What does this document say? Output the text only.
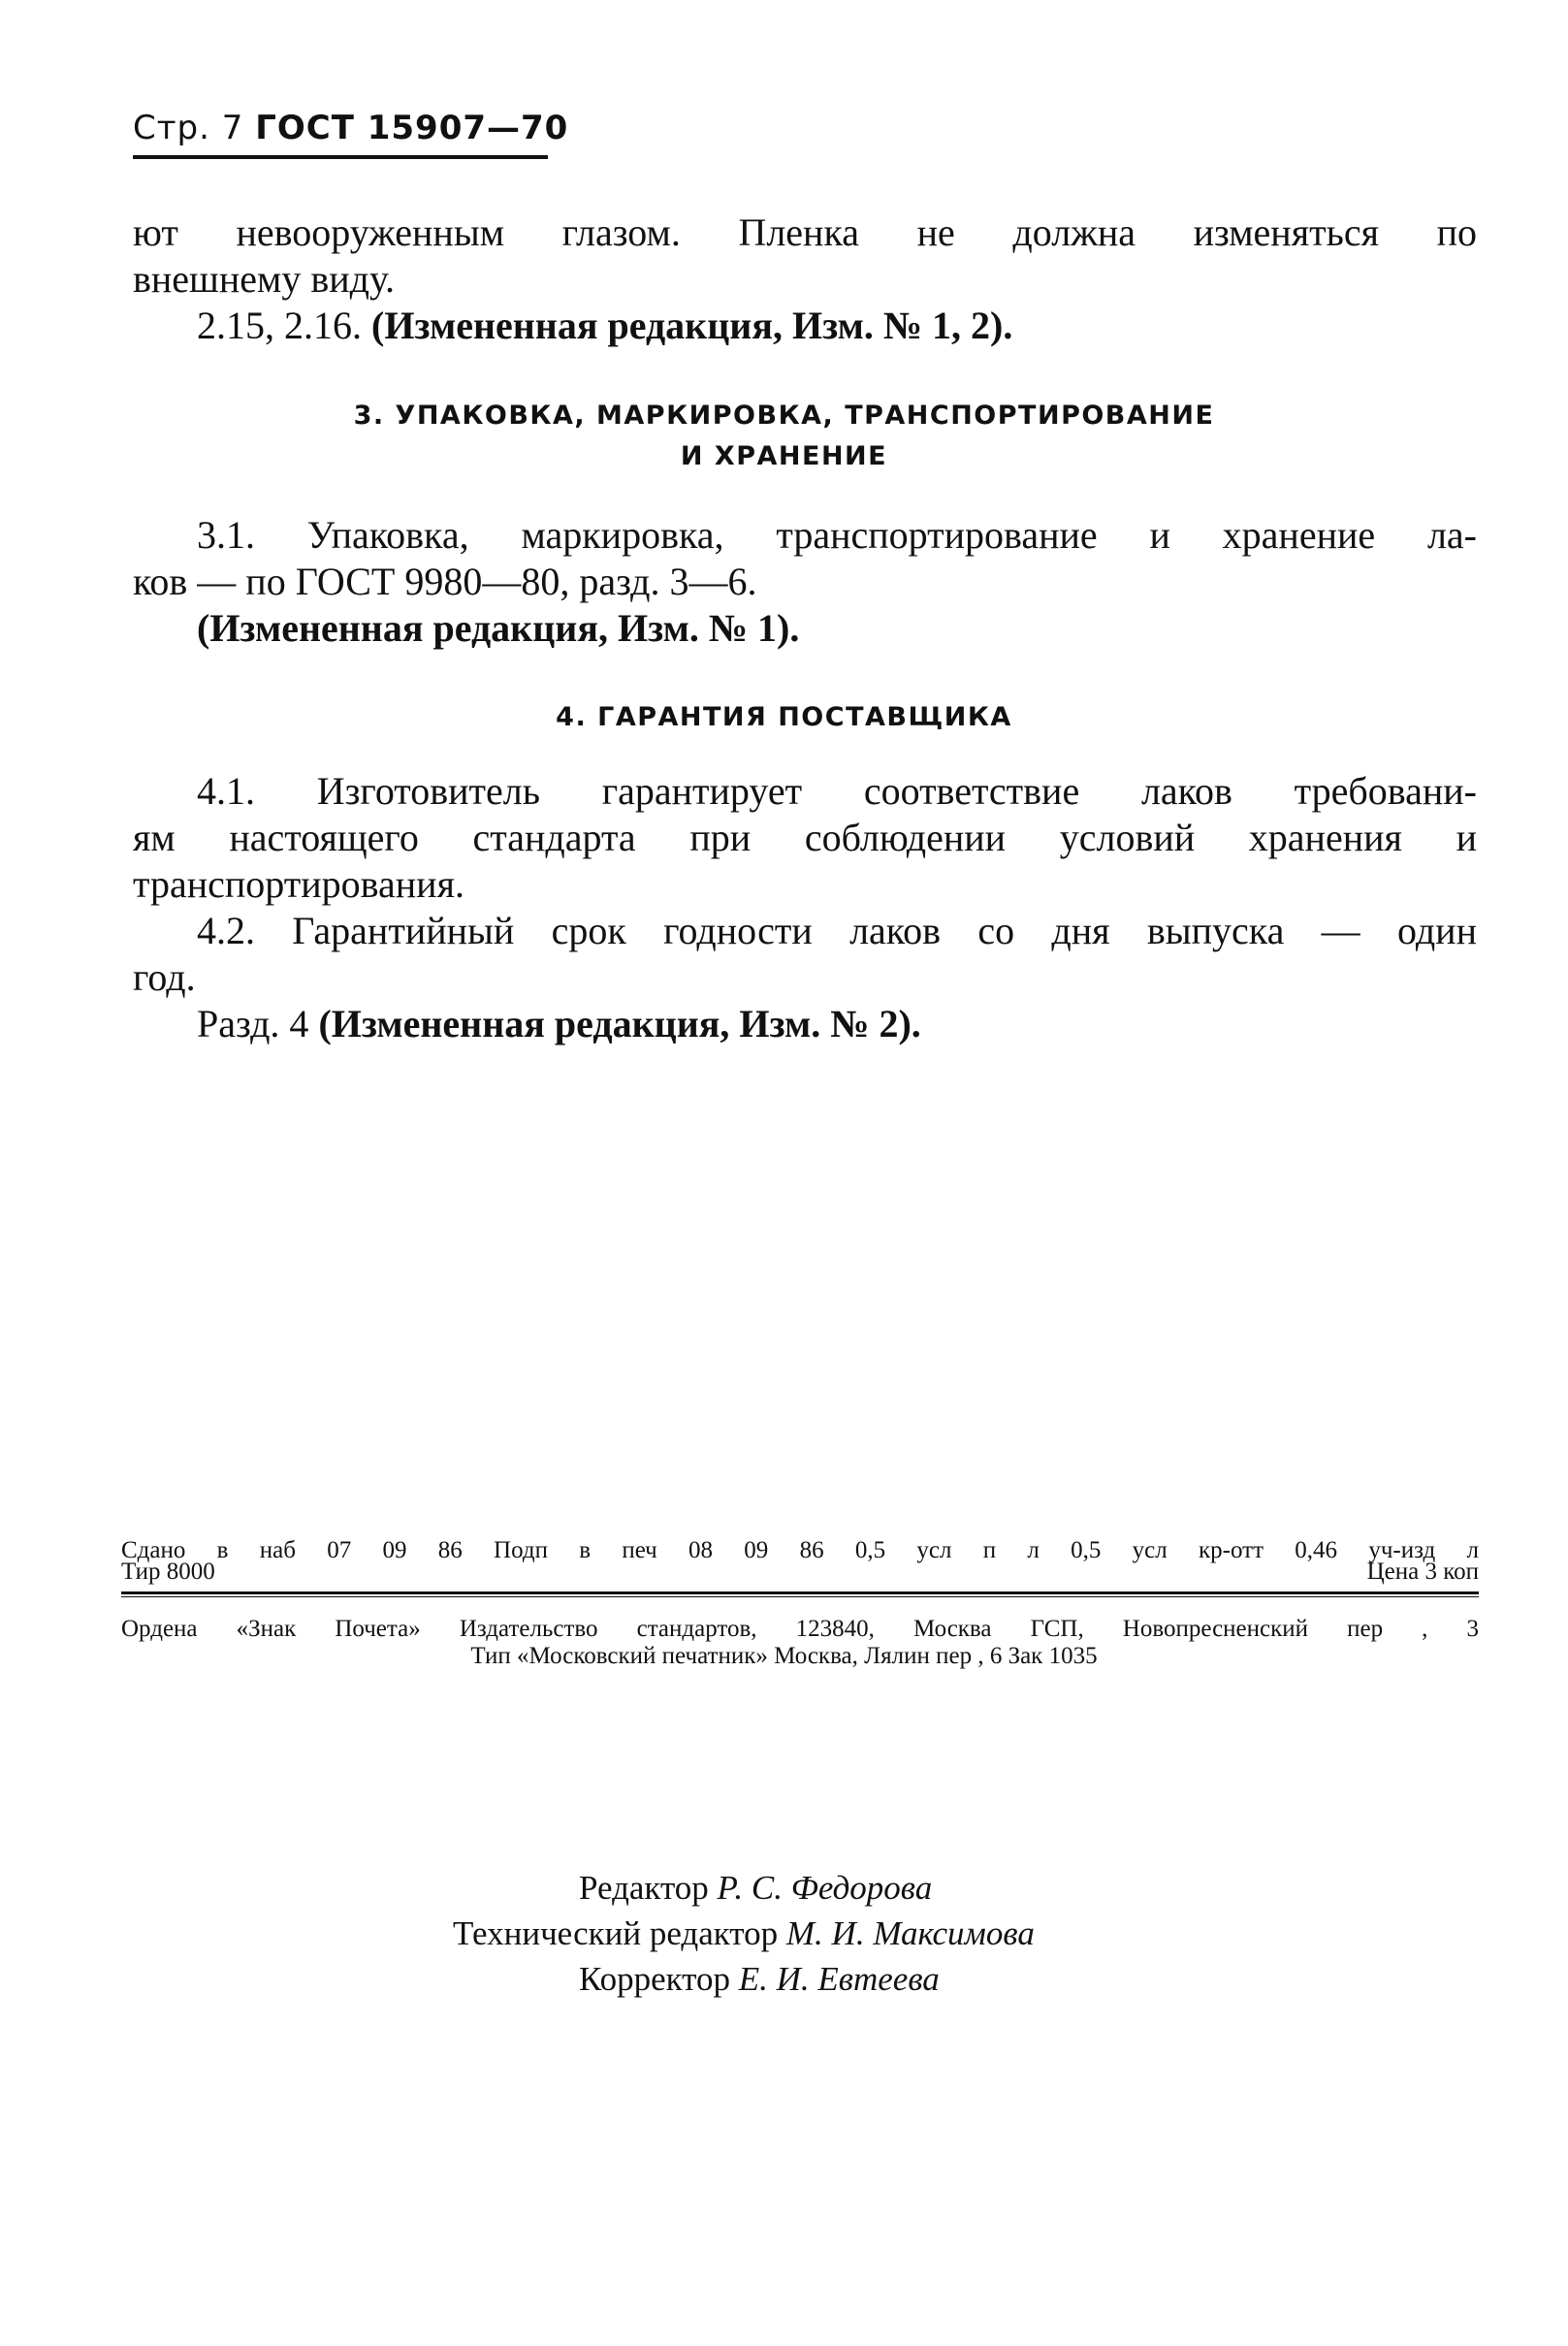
Стр. 7 ГОСТ 15907—70
ют невооруженным глазом. Пленка не должна изменяться по
внешнему виду.
2.15, 2.16. (Измененная редакция, Изм. № 1, 2).
3. УПАКОВКА, МАРКИРОВКА, ТРАНСПОРТИРОВАНИЕ
И ХРАНЕНИЕ
3.1. Упаковка, маркировка, транспортирование и хранение ла-
ков — по ГОСТ 9980—80, разд. 3—6.
(Измененная редакция, Изм. № 1).
4. ГАРАНТИЯ ПОСТАВЩИКА
4.1. Изготовитель гарантирует соответствие лаков требовани-
ям настоящего стандарта при соблюдении условий хранения и
транспортирования.
4.2. Гарантийный срок годности лаков со дня выпуска — один
год.
Разд. 4 (Измененная редакция, Изм. № 2).
Редактор Р. С. Федорова
Технический редактор М. И. Максимова
Корректор Е. И. Евтеева
Сдано в наб 07 09 86 Подп в печ 08 09 86 0,5 усл п л 0,5 усл кр-отт 0,46 уч-изд л
Тир 8000	Цена 3 коп
Ордена «Знак Почета» Издательство стандартов, 123840, Москва ГСП, Новопресненский пер , 3
Тип «Московский печатник» Москва, Лялин пер , 6 Зак 1035
